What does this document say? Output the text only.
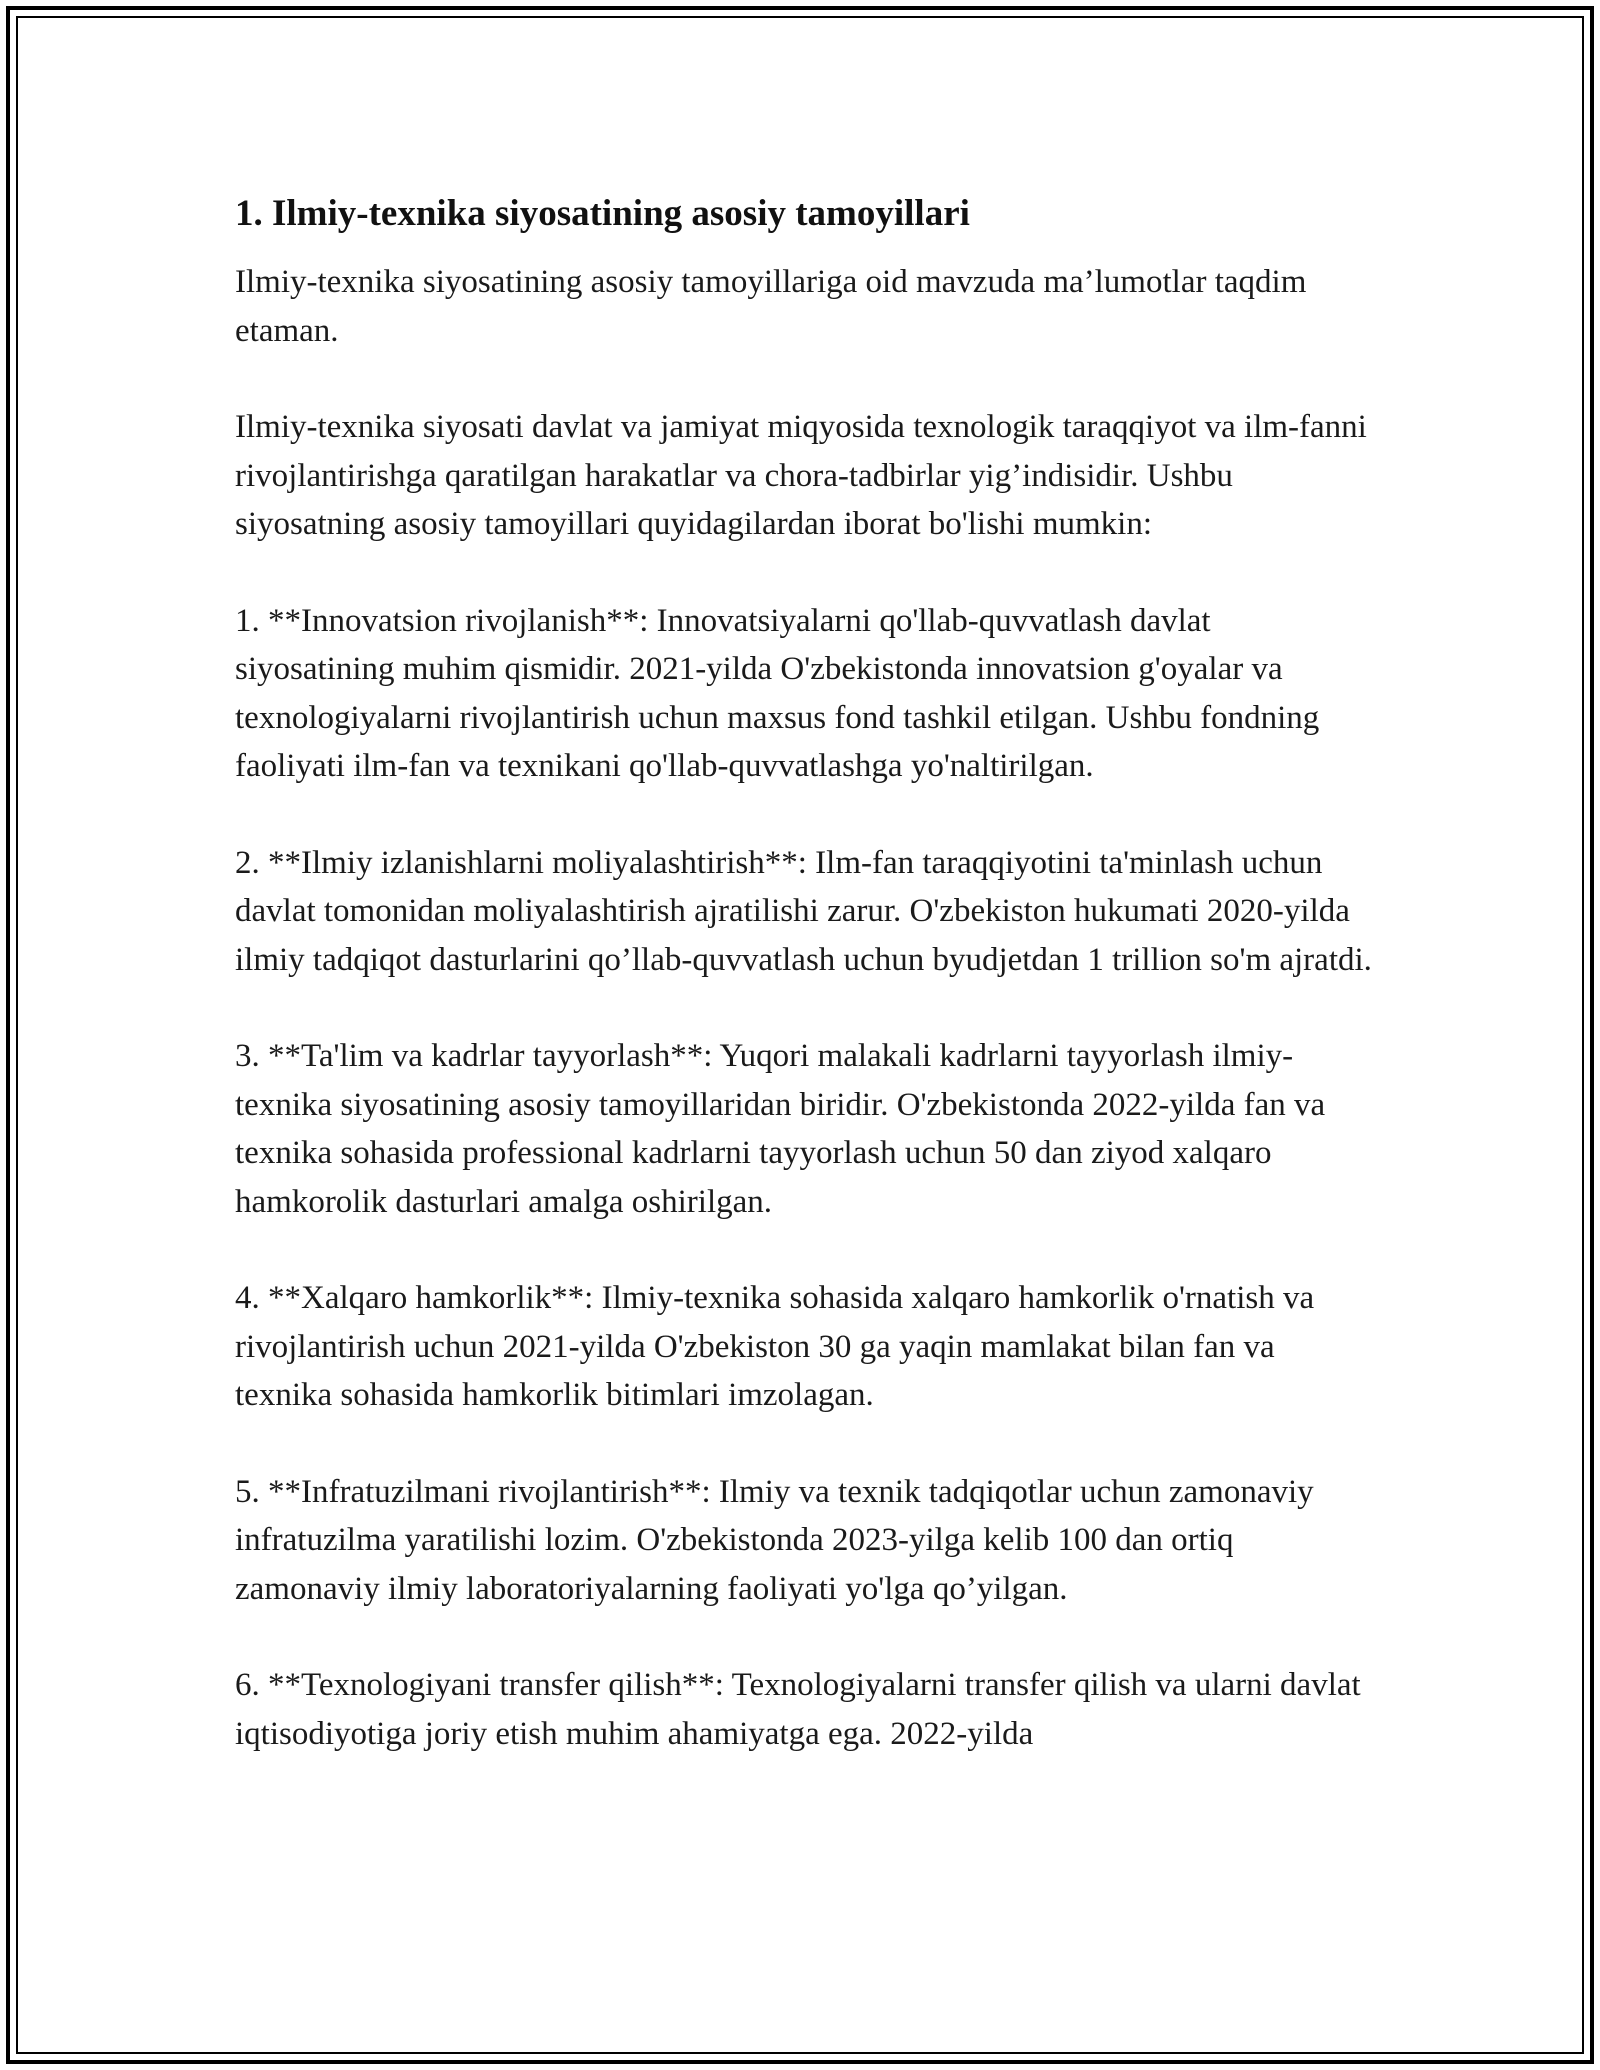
1. Ilmiy-texnika siyosatining asosiy tamoyillari

Ilmiy-texnika siyosatining asosiy tamoyillariga oid mavzuda ma’lumotlar taqdim etaman.

Ilmiy-texnika siyosati davlat va jamiyat miqyosida texnologik taraqqiyot va ilm-fanni rivojlantirishga qaratilgan harakatlar va chora-tadbirlar yig’indisidir. Ushbu siyosatning asosiy tamoyillari quyidagilardan iborat bo'lishi mumkin:

1. **Innovatsion rivojlanish**: Innovatsiyalarni qo'llab-quvvatlash davlat siyosatining muhim qismidir. 2021-yilda O'zbekistonda innovatsion g'oyalar va texnologiyalarni rivojlantirish uchun maxsus fond tashkil etilgan. Ushbu fondning faoliyati ilm-fan va texnikani qo'llab-quvvatlashga yo'naltirilgan.

2. **Ilmiy izlanishlarni moliyalashtirish**: Ilm-fan taraqqiyotini ta'minlash uchun davlat tomonidan moliyalashtirish ajratilishi zarur. O'zbekiston hukumati 2020-yilda ilmiy tadqiqot dasturlarini qo’llab-quvvatlash uchun byudjetdan 1 trillion so'm ajratdi.

3. **Ta'lim va kadrlar tayyorlash**: Yuqori malakali kadrlarni tayyorlash ilmiy-texnika siyosatining asosiy tamoyillaridan biridir. O'zbekistonda 2022-yilda fan va texnika sohasida professional kadrlarni tayyorlash uchun 50 dan ziyod xalqaro hamkorolik dasturlari amalga oshirilgan.

4. **Xalqaro hamkorlik**: Ilmiy-texnika sohasida xalqaro hamkorlik o'rnatish va rivojlantirish uchun 2021-yilda O'zbekiston 30 ga yaqin mamlakat bilan fan va texnika sohasida hamkorlik bitimlari imzolagan.

5. **Infratuzilmani rivojlantirish**: Ilmiy va texnik tadqiqotlar uchun zamonaviy infratuzilma yaratilishi lozim. O'zbekistonda 2023-yilga kelib 100 dan ortiq zamonaviy ilmiy laboratoriyalarning faoliyati yo'lga qo’yilgan.

6. **Texnologiyani transfer qilish**: Texnologiyalarni transfer qilish va ularni davlat iqtisodiyotiga joriy etish muhim ahamiyatga ega. 2022-yilda
